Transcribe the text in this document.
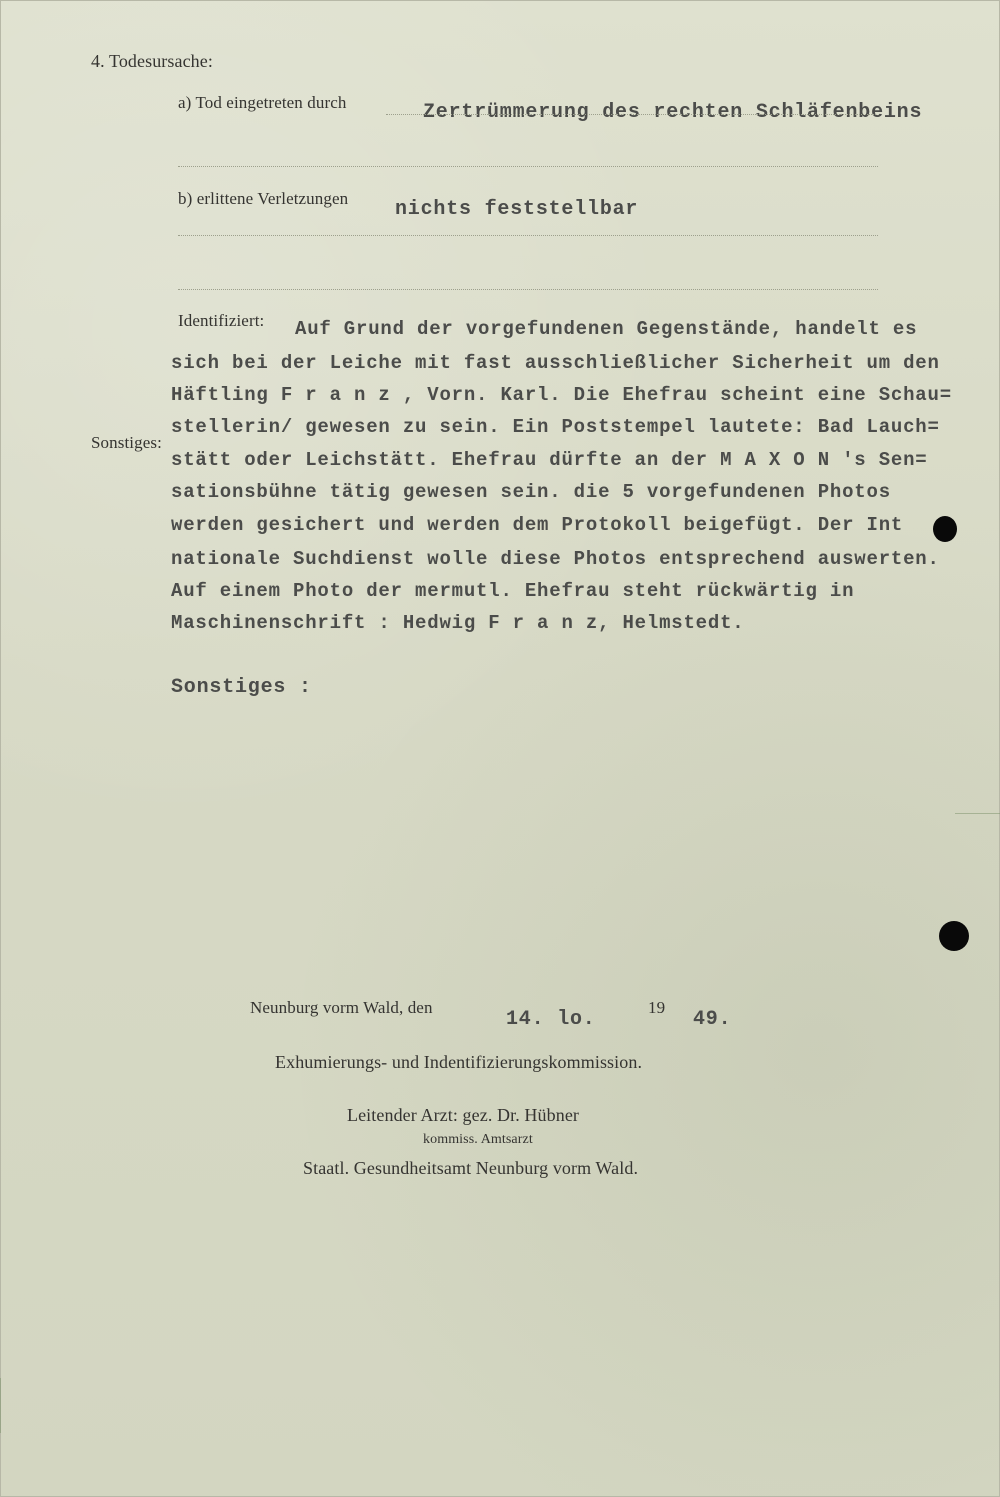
4. Todesursache:
a) Tod eingetreten durch	Zertrümmerung des rechten Schläfenbeins
b) erlittene Verletzungen nichts feststellbar
Identifiziert:
Sonstiges:
Auf Grund der vorgefundenen Gegenstände, handelt es
sich bei der Leiche mit fast ausschließlicher Sicherheit um den
Häftling F r a n z , Vorn. Karl. Die Ehefrau scheint eine Schau=
stellerin/ gewesen zu sein. Ein Poststempel lautete: Bad Lauch=
stätt oder Leichstätt. Ehefrau dürfte an der M A X O N 's Sen=
sationsbühne tätig gewesen sein. die 5 vorgefundenen Photos
werden gesichert und werden dem Protokoll beigefügt. Der Int
nationale Suchdienst wolle diese Photos entsprechend auswerten.
Auf einem Photo der mermutl. Ehefrau steht rückwärtig in
Maschinenschrift : Hedwig F r a n z, Helmstedt.
Sonstiges :
Neunburg vorm Wald, den
14. lo.
19
49.
Exhumierungs- und Indentifizierungskommission.
Leitender Arzt: gez. Dr. Hübner
kommiss. Amtsarzt
Staatl. Gesundheitsamt Neunburg vorm Wald.
